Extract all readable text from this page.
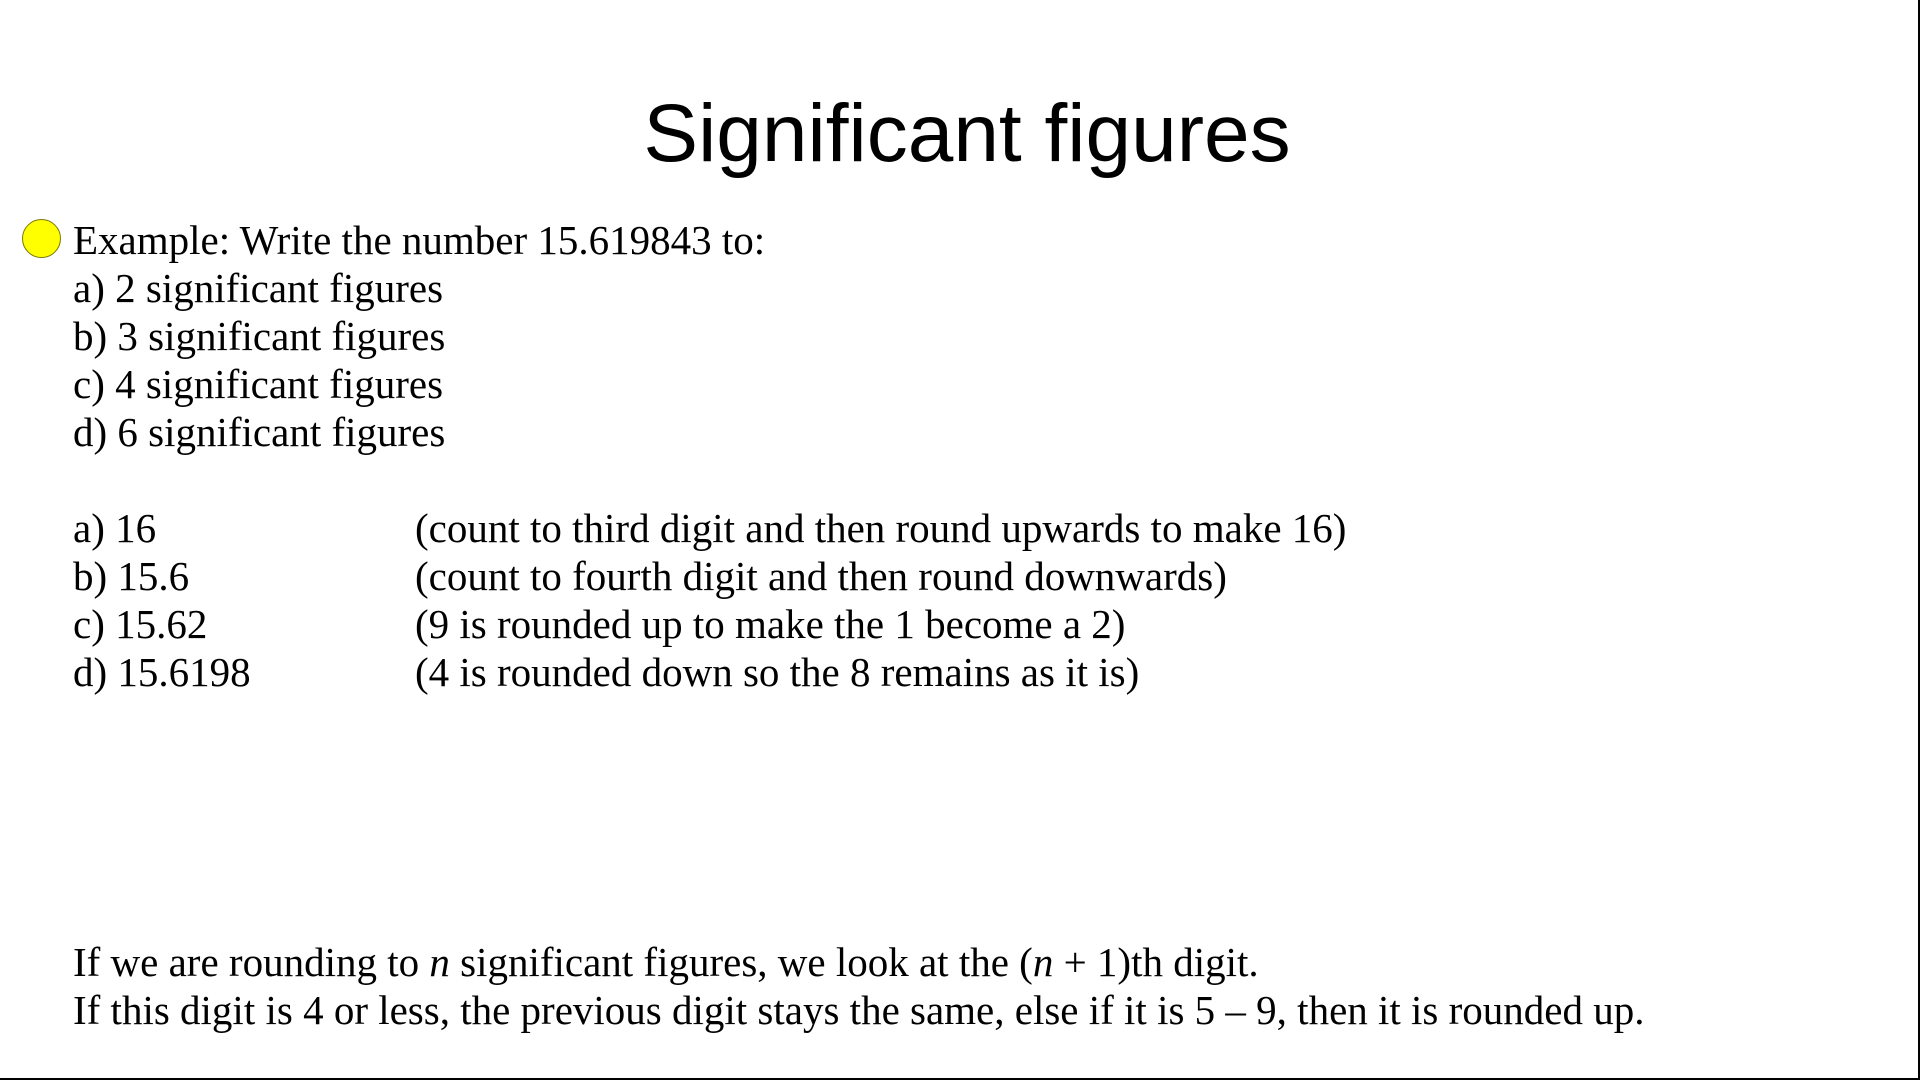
Significant figures
Example: Write the number 15.619843 to:
a) 2 significant figures
b) 3 significant figures
c) 4 significant figures
d) 6 significant figures
a) 16	(count to third digit and then round upwards to make 16)
b) 15.6	(count to fourth digit and then round downwards)
c) 15.62	(9 is rounded up to make the 1 become a 2)
d) 15.6198	(4 is rounded down so the 8 remains as it is)
If we are rounding to n significant figures, we look at the (n + 1)th digit.
If this digit is 4 or less, the previous digit stays the same, else if it is 5 – 9, then it is rounded up.
